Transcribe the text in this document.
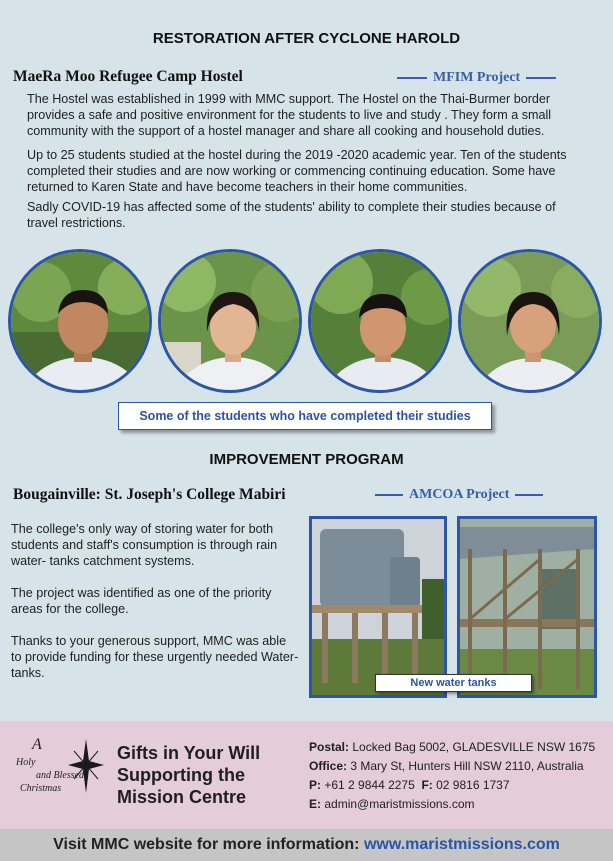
RESTORATION AFTER CYCLONE HAROLD
MaeRa Moo Refugee Camp Hostel	MFIM Project
The Hostel was established in 1999 with MMC support. The Hostel on the Thai-Burmer border provides a safe and positive environment for the students to live and study . They form a small community with the support of a hostel manager and share all cooking and household duties.
Up to 25 students studied at the hostel during the 2019 -2020 academic year. Ten of the students completed their studies and are now working or commencing continuing education. Some have returned to Karen State and have become teachers in their home communities.
Sadly COVID-19 has affected some of the students' ability to complete their studies because of travel restrictions.
Some of the students who have completed their studies
IMPROVEMENT PROGRAM
Bougainville: St. Joseph's College Mabiri	AMCOA Project
The college's only way of storing water for both students and staff's consumption is through rain water- tanks catchment systems.
The project was identified as one of the priority areas for the college.
Thanks to your generous support, MMC was able to provide funding for these urgently needed Water-tanks.
New water tanks
A
Holy
and Blessed
Christmas
Gifts in Your Will
Supporting the
Mission Centre
Postal: Locked Bag 5002, GLADESVILLE NSW 1675
Office: 3 Mary St, Hunters Hill NSW 2110, Australia
P: +61 2 9844 2275 F: 02 9816 1737
E: admin@maristmissions.com
Visit MMC website for more information: www.maristmissions.com
